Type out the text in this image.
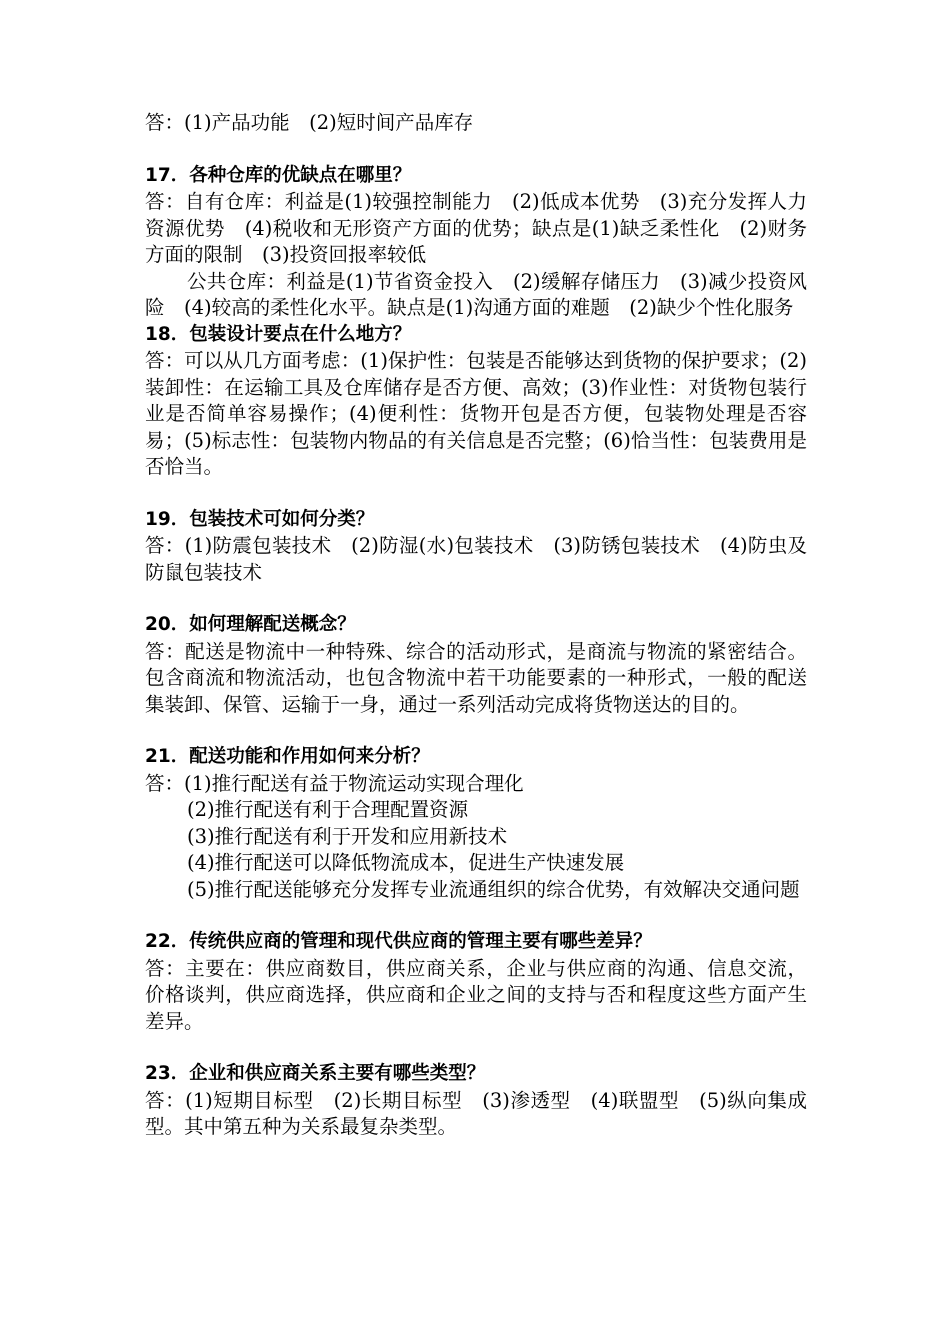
答：(1)产品功能　(2)短时间产品库存

17．各种仓库的优缺点在哪里？

答：自有仓库：利益是(1)较强控制能力　(2)低成本优势　(3)充分发挥人力资源优势　(4)税收和无形资产方面的优势；缺点是(1)缺乏柔性化　(2)财务方面的限制　(3)投资回报率较低

公共仓库：利益是(1)节省资金投入　(2)缓解存储压力　(3)减少投资风险　(4)较高的柔性化水平。缺点是(1)沟通方面的难题　(2)缺少个性化服务

18．包装设计要点在什么地方？

答：可以从几方面考虑：(1)保护性：包装是否能够达到货物的保护要求；(2)装卸性：在运输工具及仓库储存是否方便、高效；(3)作业性：对货物包装行业是否简单容易操作；(4)便利性：货物开包是否方便，包装物处理是否容易；(5)标志性：包装物内物品的有关信息是否完整；(6)恰当性：包装费用是否恰当。

19．包装技术可如何分类？

答：(1)防震包装技术　(2)防湿(水)包装技术　(3)防锈包装技术　(4)防虫及防鼠包装技术

20．如何理解配送概念？

答：配送是物流中一种特殊、综合的活动形式，是商流与物流的紧密结合。包含商流和物流活动，也包含物流中若干功能要素的一种形式，一般的配送集装卸、保管、运输于一身，通过一系列活动完成将货物送达的目的。

21．配送功能和作用如何来分析？

答：(1)推行配送有益于物流运动实现合理化

(2)推行配送有利于合理配置资源

(3)推行配送有利于开发和应用新技术

(4)推行配送可以降低物流成本，促进生产快速发展

(5)推行配送能够充分发挥专业流通组织的综合优势，有效解决交通问题

22．传统供应商的管理和现代供应商的管理主要有哪些差异？

答：主要在：供应商数目，供应商关系，企业与供应商的沟通、信息交流，价格谈判，供应商选择，供应商和企业之间的支持与否和程度这些方面产生差异。

23．企业和供应商关系主要有哪些类型？

答：(1)短期目标型　(2)长期目标型　(3)渗透型　(4)联盟型　(5)纵向集成型。其中第五种为关系最复杂类型。
